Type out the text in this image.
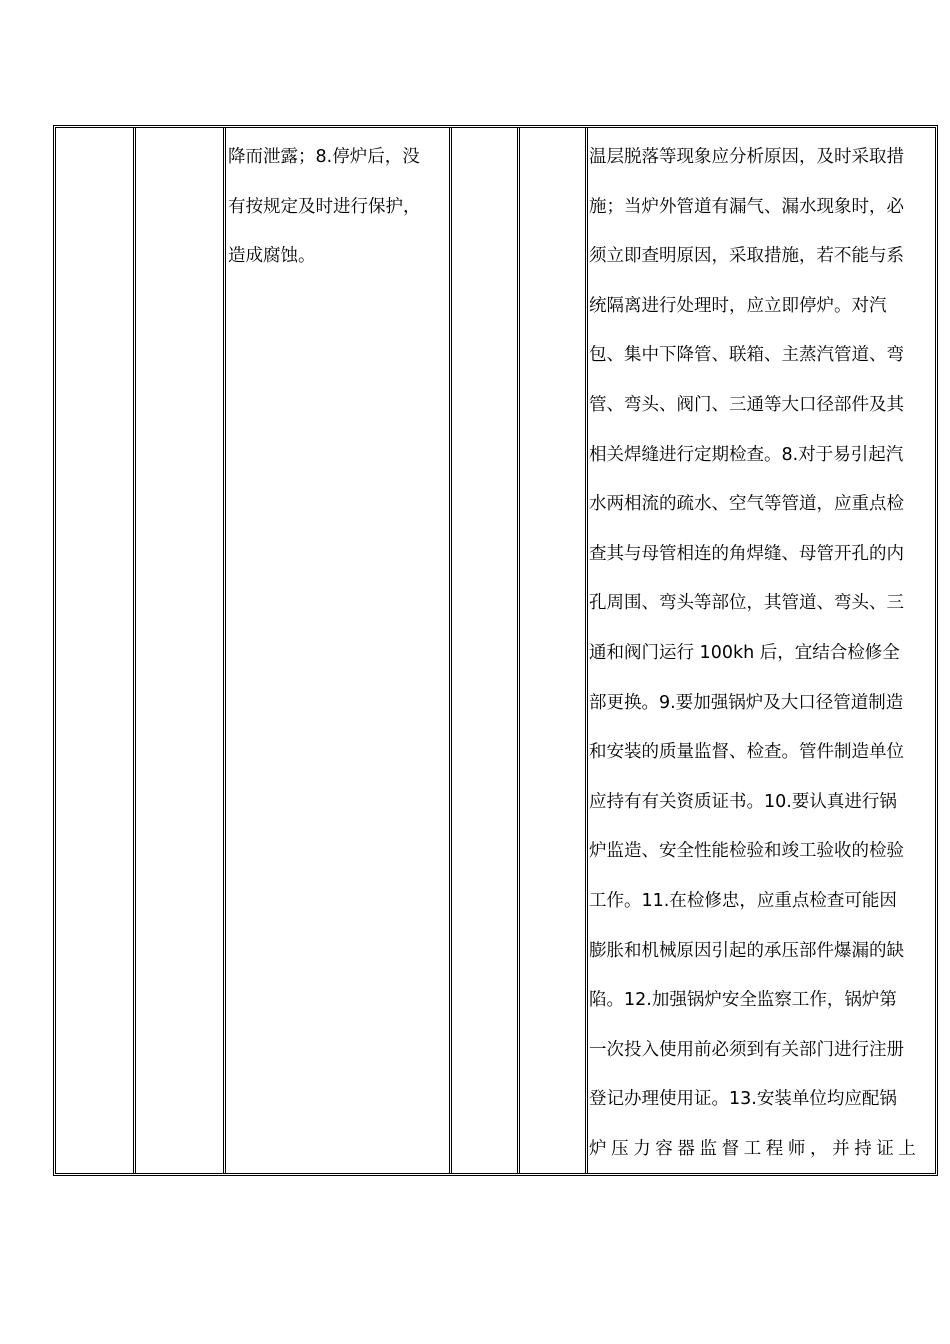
降而泄露；8.停炉后，没
有按规定及时进行保护，
造成腐蚀。
温层脱落等现象应分析原因，及时采取措
施；当炉外管道有漏气、漏水现象时，必
须立即查明原因，采取措施，若不能与系
统隔离进行处理时，应立即停炉。对汽
包、集中下降管、联箱、主蒸汽管道、弯
管、弯头、阀门、三通等大口径部件及其
相关焊缝进行定期检查。8.对于易引起汽
水两相流的疏水、空气等管道，应重点检
查其与母管相连的角焊缝、母管开孔的内
孔周围、弯头等部位，其管道、弯头、三
通和阀门运行 100kh 后，宜结合检修全
部更换。9.要加强锅炉及大口径管道制造
和安装的质量监督、检查。管件制造单位
应持有有关资质证书。10.要认真进行锅
炉监造、安全性能检验和竣工验收的检验
工作。11.在检修忠，应重点检查可能因
膨胀和机械原因引起的承压部件爆漏的缺
陷。12.加强锅炉安全监察工作，锅炉第
一次投入使用前必须到有关部门进行注册
登记办理使用证。13.安装单位均应配锅
炉压力容器监督工程师，并持证上
